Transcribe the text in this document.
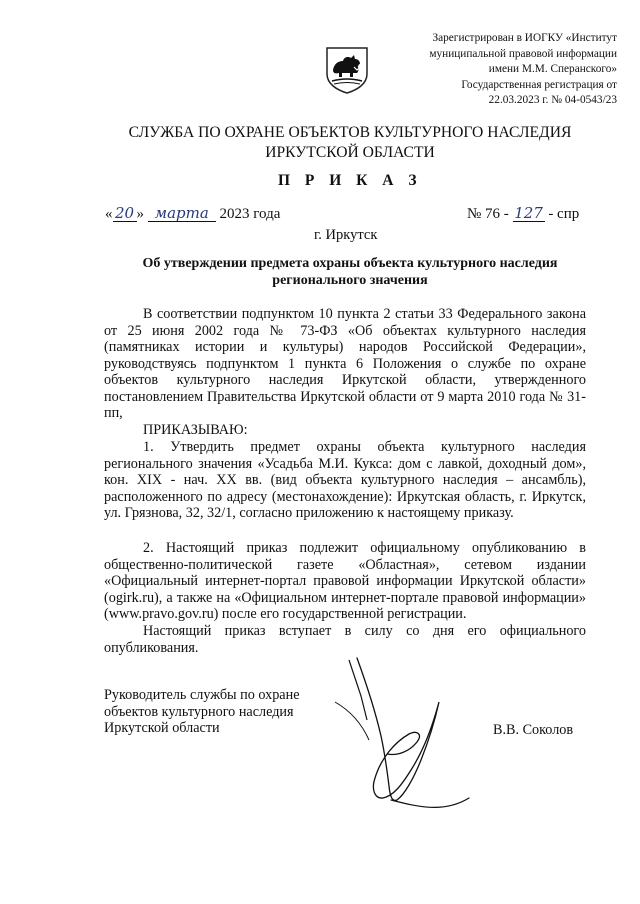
Зарегистрирован в ИОГКУ «Институт
муниципальной правовой информации
имени М.М. Сперанского»
Государственная регистрация от
22.03.2023 г. № 04-0543/23
СЛУЖБА ПО ОХРАНЕ ОБЪЕКТОВ КУЛЬТУРНОГО НАСЛЕДИЯ
ИРКУТСКОЙ ОБЛАСТИ
П Р И К А З
« 20 » марта 2023 года	№ 76 - 127 - спр
г. Иркутск
Об утверждении предмета охраны объекта культурного наследия
регионального значения
В соответствии подпунктом 10 пункта 2 статьи 33 Федерального закона от 25 июня 2002 года № 73-ФЗ «Об объектах культурного наследия (памятниках истории и культуры) народов Российской Федерации», руководствуясь подпунктом 1 пункта 6 Положения о службе по охране объектов культурного наследия Иркутской области, утвержденного постановлением Правительства Иркутской области от 9 марта 2010 года № 31-пп,
ПРИКАЗЫВАЮ:
1. Утвердить предмет охраны объекта культурного наследия регионального значения «Усадьба М.И. Кукса: дом с лавкой, доходный дом», кон. XIX - нач. XX вв. (вид объекта культурного наследия – ансамбль), расположенного по адресу (местонахождение): Иркутская область, г. Иркутск, ул. Грязнова, 32, 32/1, согласно приложению к настоящему приказу.
2. Настоящий приказ подлежит официальному опубликованию в общественно-политической газете «Областная», сетевом издании «Официальный интернет-портал правовой информации Иркутской области» (ogirk.ru), а также на «Официальном интернет-портале правовой информации» (www.pravo.gov.ru) после его государственной регистрации.
Настоящий приказ вступает в силу со дня его официального опубликования.
Руководитель службы по охране
объектов культурного наследия
Иркутской области	В.В. Соколов
